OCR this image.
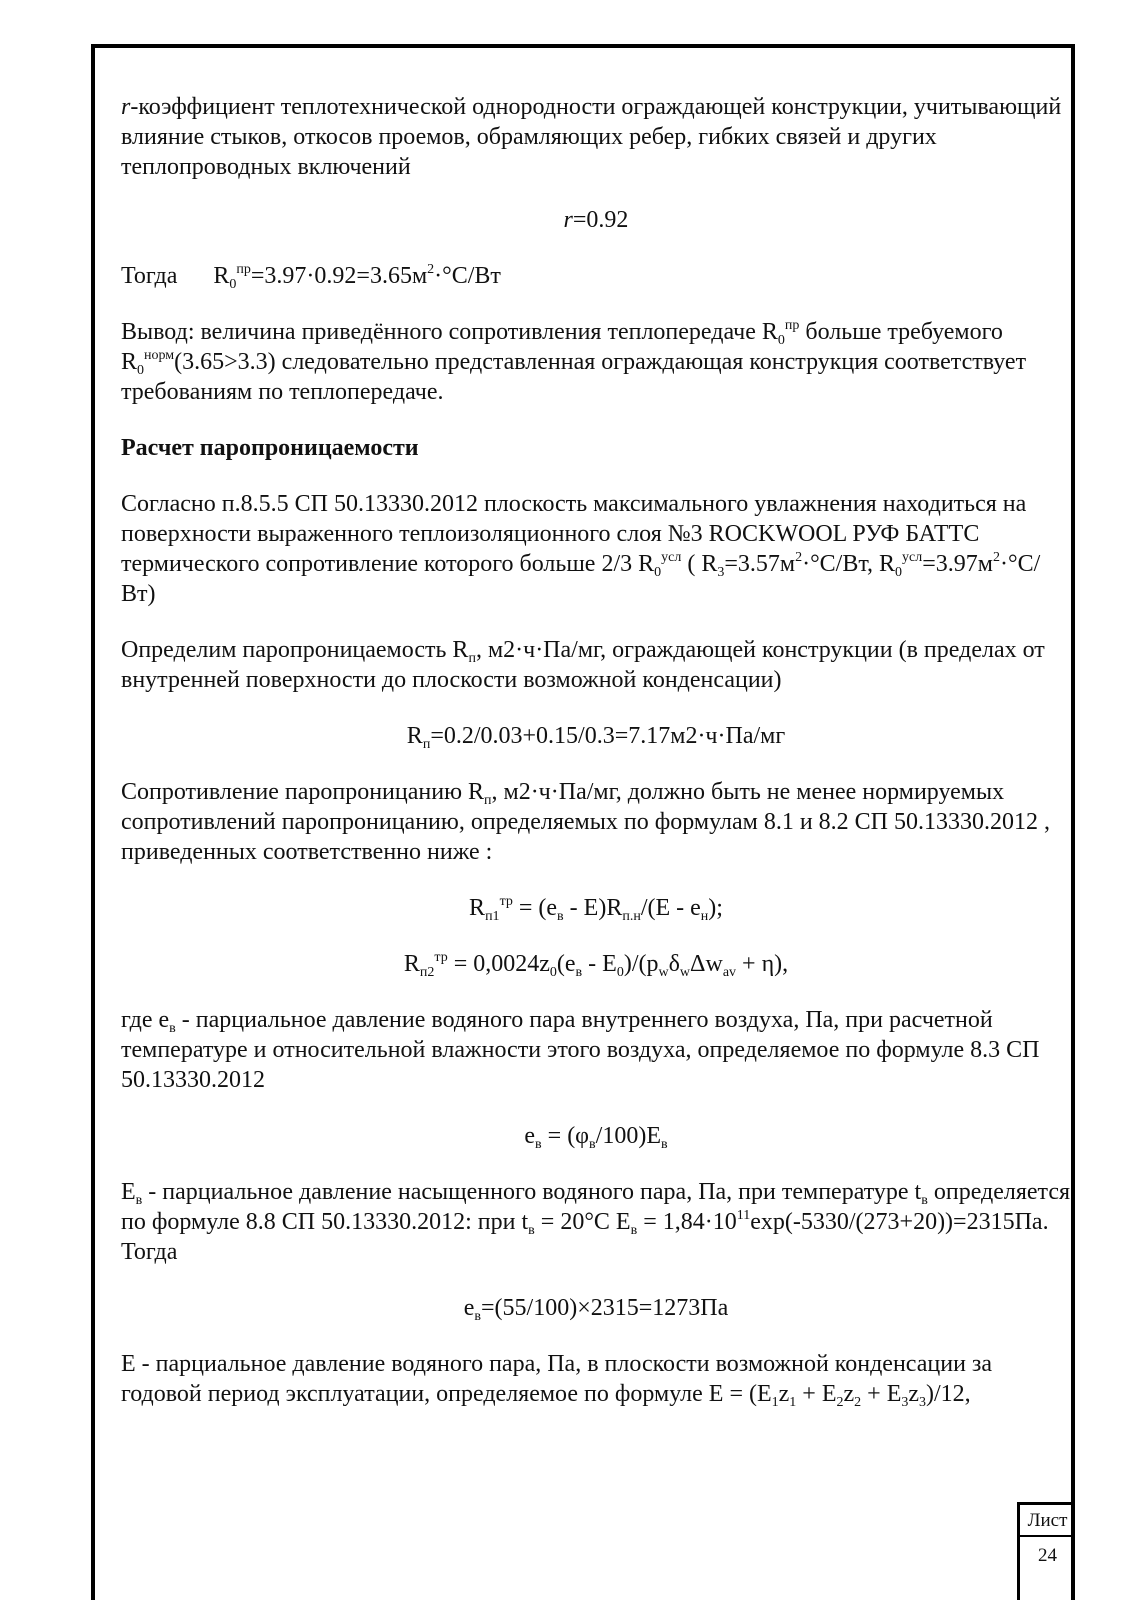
r-коэффициент теплотехнической однородности ограждающей конструкции, учитывающий влияние стыков, откосов проемов, обрамляющих ребер, гибких связей и других теплопроводных включений

r=0.92

Тогда $R_0^{пр}=3.97\cdot 0.92=3.65м^2\cdot^\circ С/Вт$

Вывод: величина приведённого сопротивления теплопередаче $R_0^{пр}$ больше требуемого $R_0^{норм}(3.65>3.3)$ следовательно представленная ограждающая конструкция соответствует требованиям по теплопередаче.

Расчет паропроницаемости

Согласно п.8.5.5 СП 50.13330.2012 плоскость максимального увлажнения находиться на поверхности выраженного теплоизоляционного слоя №3 ROCKWOOL РУФ БАТТС термического сопротивление которого больше 2/3 $R_0^{усл}$ ( $R_3=3.57м^2\cdot^\circ С/Вт$, $R_0^{усл}=3.97м^2\cdot^\circ С/Вт$)

Определим паропроницаемость $R_п$, м2·ч·Па/мг, ограждающей конструкции (в пределах от внутренней поверхности до плоскости возможной конденсации)

$R_п=0.2/0.03+0.15/0.3=7.17м2\cdot ч\cdot Па/мг$

Сопротивление паропроницанию $R_п$, м2·ч·Па/мг, должно быть не менее нормируемых сопротивлений паропроницанию, определяемых по формулам 8.1 и 8.2 СП 50.13330.2012 , приведенных соответственно ниже :

$R_{п1}^{тр} = (е_в - Е)R_{п.н}/(Е - е_н)$;

$R_{п2}^{тр} = 0,0024z_0(е_в - Е_0)/(p_w\delta_w\Delta w_{av} + \eta)$,

где $е_в$ - парциальное давление водяного пара внутреннего воздуха, Па, при расчетной температуре и относительной влажности этого воздуха, определяемое по формуле 8.3 СП 50.13330.2012

$е_в = (\varphi_в/100)Е_в$

$Е_в$ - парциальное давление насыщенного водяного пара, Па, при температуре $t_в$ определяется по формуле 8.8 СП 50.13330.2012: при $t_в = 20^\circ С$ $Е_в = 1,84\cdot 10^{11}\exp(-5330/(273+20))=2315Па$. Тогда

$е_в=(55/100)\times 2315=1273Па$

Е - парциальное давление водяного пара, Па, в плоскости возможной конденсации за годовой период эксплуатации, определяемое по формуле $Е = (Е_1z_1 + Е_2z_2 + Е_3z_3)/12$,

Лист
24
